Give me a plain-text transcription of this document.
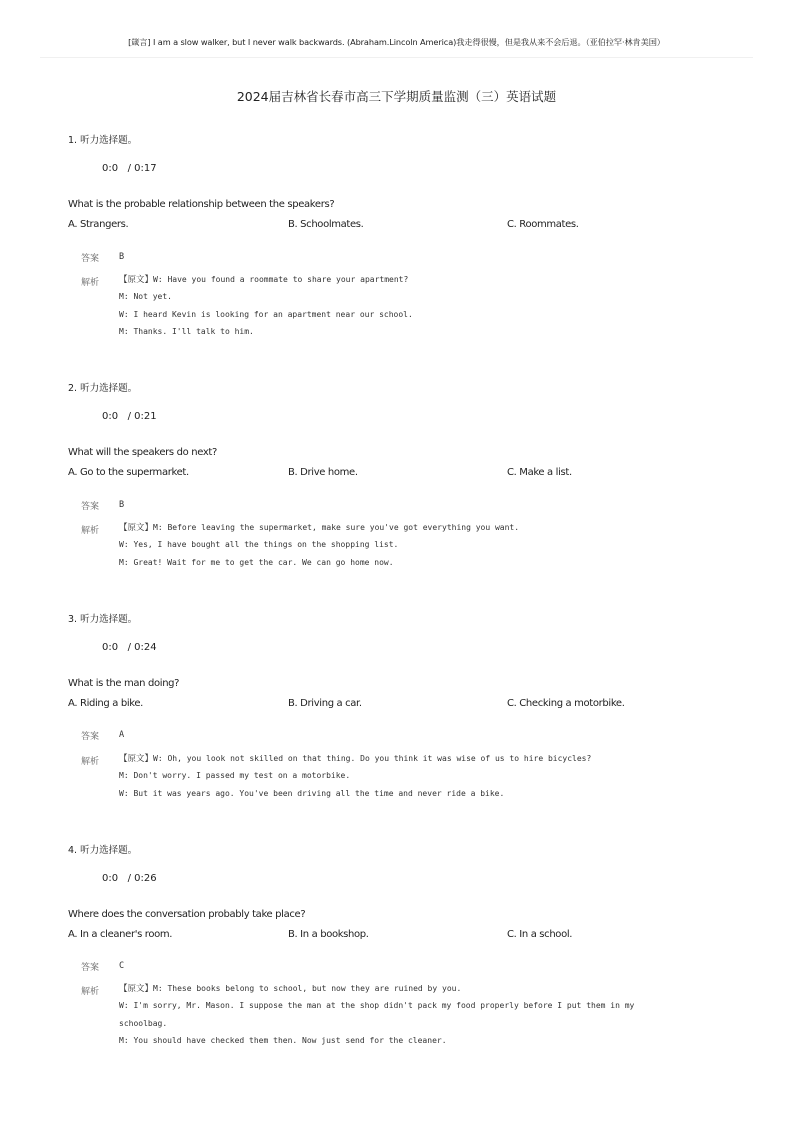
[箴言] I am a slow walker, but I never walk backwards. (Abraham.Lincoln America)我走得很慢，但是我从来不会后退。（亚伯拉罕·林肯美国）
2024届吉林省长春市高三下学期质量监测（三）英语试题
1. 听力选择题。
0:0   / 0:17
What is the probable relationship between the speakers?
A. Strangers.	B. Schoolmates.	C. Roommates.
答案 B
解析 【原文】W: Have you found a roommate to share your apartment?
M: Not yet.
W: I heard Kevin is looking for an apartment near our school.
M: Thanks. I'll talk to him.
2. 听力选择题。
0:0   / 0:21
What will the speakers do next?
A. Go to the supermarket.	B. Drive home.	C. Make a list.
答案 B
解析 【原文】M: Before leaving the supermarket, make sure you've got everything you want.
W: Yes, I have bought all the things on the shopping list.
M: Great! Wait for me to get the car. We can go home now.
3. 听力选择题。
0:0   / 0:24
What is the man doing?
A. Riding a bike.	B. Driving a car.	C. Checking a motorbike.
答案 A
解析 【原文】W: Oh, you look not skilled on that thing. Do you think it was wise of us to hire bicycles?
M: Don't worry. I passed my test on a motorbike.
W: But it was years ago. You've been driving all the time and never ride a bike.
4. 听力选择题。
0:0   / 0:26
Where does the conversation probably take place?
A. In a cleaner's room.	B. In a bookshop.	C. In a school.
答案 C
解析 【原文】M: These books belong to school, but now they are ruined by you.
W: I'm sorry, Mr. Mason. I suppose the man at the shop didn't pack my food properly before I put them in my
schoolbag.
M: You should have checked them then. Now just send for the cleaner.
